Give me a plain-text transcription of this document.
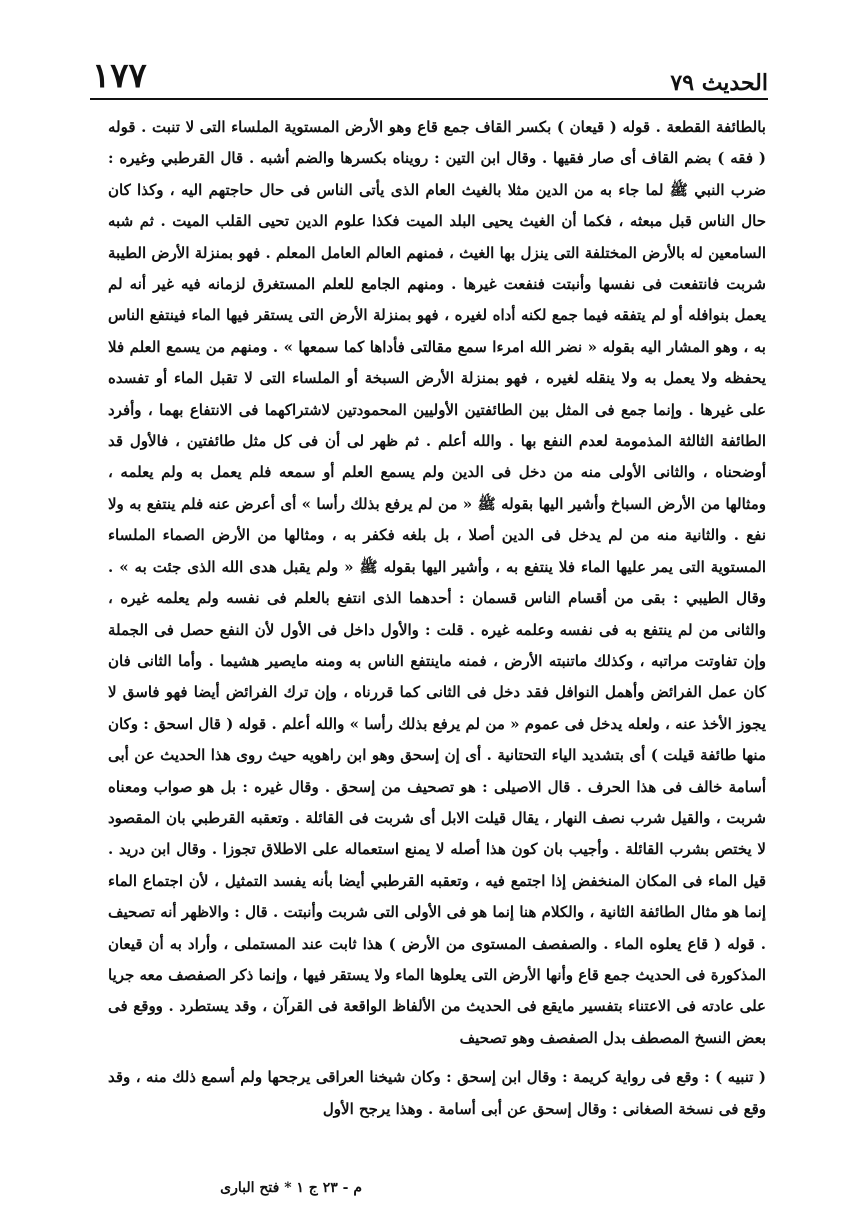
الحديث ٧٩
١٧٧

بالطائفة القطعة . قوله ( قيعان ) بكسر القاف جمع قاع وهو الأرض المستوية الملساء التى لا تنبت . قوله ( فقه ) بضم القاف أى صار فقيها . وقال ابن التين : رويناه بكسرها والضم أشبه . قال القرطبي وغيره : ضرب النبي ﷺ لما جاء به من الدين مثلا بالغيث العام الذى يأتى الناس فى حال حاجتهم اليه ، وكذا كان حال الناس قبل مبعثه ، فكما أن الغيث يحيى البلد الميت فكذا علوم الدين تحيى القلب الميت . ثم شبه السامعين له بالأرض المختلفة التى ينزل بها الغيث ، فمنهم العالم العامل المعلم . فهو بمنزلة الأرض الطيبة شربت فانتفعت فى نفسها وأنبتت فنفعت غيرها . ومنهم الجامع للعلم المستغرق لزمانه فيه غير أنه لم يعمل بنوافله أو لم يتفقه فيما جمع لكنه أداه لغيره ، فهو بمنزلة الأرض التى يستقر فيها الماء فينتفع الناس به ، وهو المشار اليه بقوله « نضر الله امرءا سمع مقالتى فأداها كما سمعها » . ومنهم من يسمع العلم فلا يحفظه ولا يعمل به ولا ينقله لغيره ، فهو بمنزلة الأرض السبخة أو الملساء التى لا تقبل الماء أو تفسده على غيرها . وإنما جمع فى المثل بين الطائفتين الأوليين المحمودتين لاشتراكهما فى الانتفاع بهما ، وأفرد الطائفة الثالثة المذمومة لعدم النفع بها . والله أعلم . ثم ظهر لى أن فى كل مثل طائفتين ، فالأول قد أوضحناه ، والثانى الأولى منه من دخل فى الدين ولم يسمع العلم أو سمعه فلم يعمل به ولم يعلمه ، ومثالها من الأرض السباخ وأشير اليها بقوله ﷺ « من لم يرفع بذلك رأسا » أى أعرض عنه فلم ينتفع به ولا نفع . والثانية منه من لم يدخل فى الدين أصلا ، بل بلغه فكفر به ، ومثالها من الأرض الصماء الملساء المستوية التى يمر عليها الماء فلا ينتفع به ، وأشير اليها بقوله ﷺ « ولم يقبل هدى الله الذى جئت به » . وقال الطيبي : بقى من أقسام الناس قسمان : أحدهما الذى انتفع بالعلم فى نفسه ولم يعلمه غيره ، والثانى من لم ينتفع به فى نفسه وعلمه غيره . قلت : والأول داخل فى الأول لأن النفع حصل فى الجملة وإن تفاوتت مراتبه ، وكذلك ماتنبته الأرض ، فمنه ماينتفع الناس به ومنه مايصير هشيما . وأما الثانى فان كان عمل الفرائض وأهمل النوافل فقد دخل فى الثانى كما قررناه ، وإن ترك الفرائض أيضا فهو فاسق لا يجوز الأخذ عنه ، ولعله يدخل فى عموم « من لم يرفع بذلك رأسا » والله أعلم . قوله ( قال اسحق : وكان منها طائفة قيلت ) أى بتشديد الياء التحتانية . أى إن إسحق وهو ابن راهويه حيث روى هذا الحديث عن أبى أسامة خالف فى هذا الحرف . قال الاصيلى : هو تصحيف من إسحق . وقال غيره : بل هو صواب ومعناه شربت ، والقيل شرب نصف النهار ، يقال قيلت الابل أى شربت فى القائلة . وتعقبه القرطبي بان المقصود لا يختص بشرب القائلة . وأجيب بان كون هذا أصله لا يمنع استعماله على الاطلاق تجوزا . وقال ابن دريد . قيل الماء فى المكان المنخفض إذا اجتمع فيه ، وتعقبه القرطبي أيضا بأنه يفسد التمثيل ، لأن اجتماع الماء إنما هو مثال الطائفة الثانية ، والكلام هنا إنما هو فى الأولى التى شربت وأنبتت . قال : والاظهر أنه تصحيف . قوله ( قاع يعلوه الماء . والصفصف المستوى من الأرض ) هذا ثابت عند المستملى ، وأراد به أن قيعان المذكورة فى الحديث جمع قاع وأنها الأرض التى يعلوها الماء ولا يستقر فيها ، وإنما ذكر الصفصف معه جريا على عادته فى الاعتناء بتفسير مايقع فى الحديث من الألفاظ الواقعة فى القرآن ، وقد يستطرد . ووقع فى بعض النسخ المصطف بدل الصفصف وهو تصحيف

( تنبيه ) : وقع فى رواية كريمة : وقال ابن إسحق : وكان شيخنا العراقى يرجحها ولم أسمع ذلك منه ، وقد وقع فى نسخة الصغانى : وقال إسحق عن أبى أسامة . وهذا يرجح الأول

م - ٢٣ ج ١ * فتح البارى
